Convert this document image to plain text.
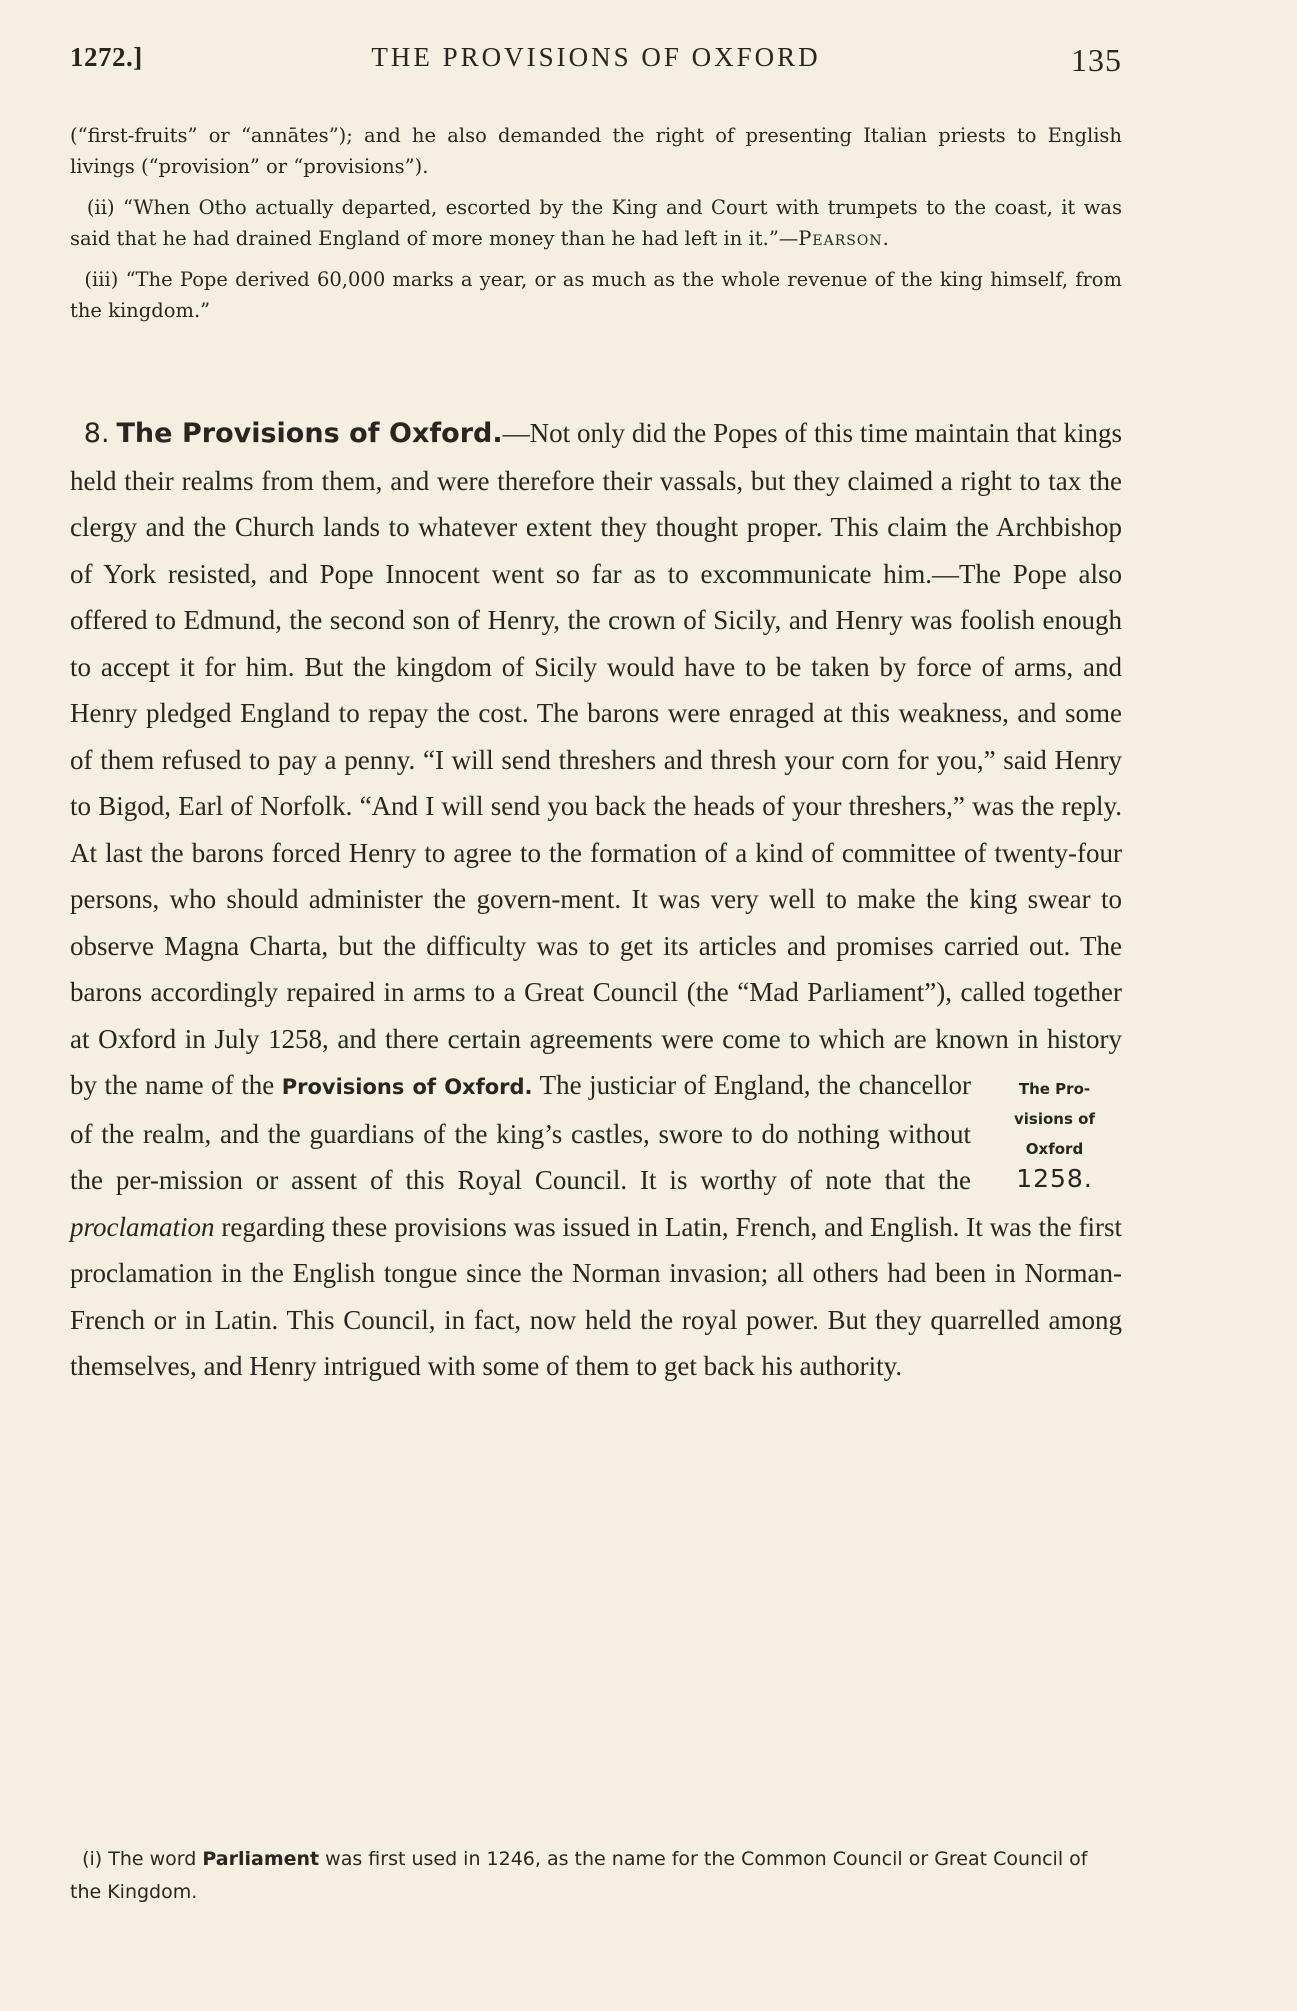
1272.]	THE PROVISIONS OF OXFORD	135

(“first-fruits” or “annātes”); and he also demanded the right of presenting Italian priests to English livings (“provision” or “provisions”).

(ii) “When Otho actually departed, escorted by the King and Court with trumpets to the coast, it was said that he had drained England of more money than he had left in it.”—Pearson.

(iii) “The Pope derived 60,000 marks a year, or as much as the whole revenue of the king himself, from the kingdom.”

8. The Provisions of Oxford.—Not only did the Popes of this time maintain that kings held their realms from them, and were therefore their vassals, but they claimed a right to tax the clergy and the Church lands to whatever extent they thought proper. This claim the Archbishop of York resisted, and Pope Innocent went so far as to excommunicate him.—The Pope also offered to Edmund, the second son of Henry, the crown of Sicily, and Henry was foolish enough to accept it for him. But the kingdom of Sicily would have to be taken by force of arms, and Henry pledged England to repay the cost. The barons were enraged at this weakness, and some of them refused to pay a penny. “I will send threshers and thresh your corn for you,” said Henry to Bigod, Earl of Norfolk. “And I will send you back the heads of your threshers,” was the reply. At last the barons forced Henry to agree to the formation of a kind of committee of twenty-four persons, who should administer the govern-ment. It was very well to make the king swear to observe Magna Charta, but the difficulty was to get its articles and promises carried out. The barons accordingly repaired in arms to a Great Council (the “Mad Parliament”), called together at Oxford in July 1258, and there certain agreements were come to which are known in history by the name of the	The Pro-
visions of
Oxford
1258.
Provisions of Oxford. The justiciar of England, the chancellor of the realm, and the guardians of the king’s castles, swore to do nothing without the per-mission or assent of this Royal Council. It is worthy of note that the proclamation regarding these provisions was issued in Latin, French, and English. It was the first proclamation in the English tongue since the Norman invasion; all others had been in Norman-French or in Latin. This Council, in fact, now held the royal power. But they quarrelled among themselves, and Henry intrigued with some of them to get back his authority.

(i) The word Parliament was first used in 1246, as the name for the Common Council or Great Council of the Kingdom.
